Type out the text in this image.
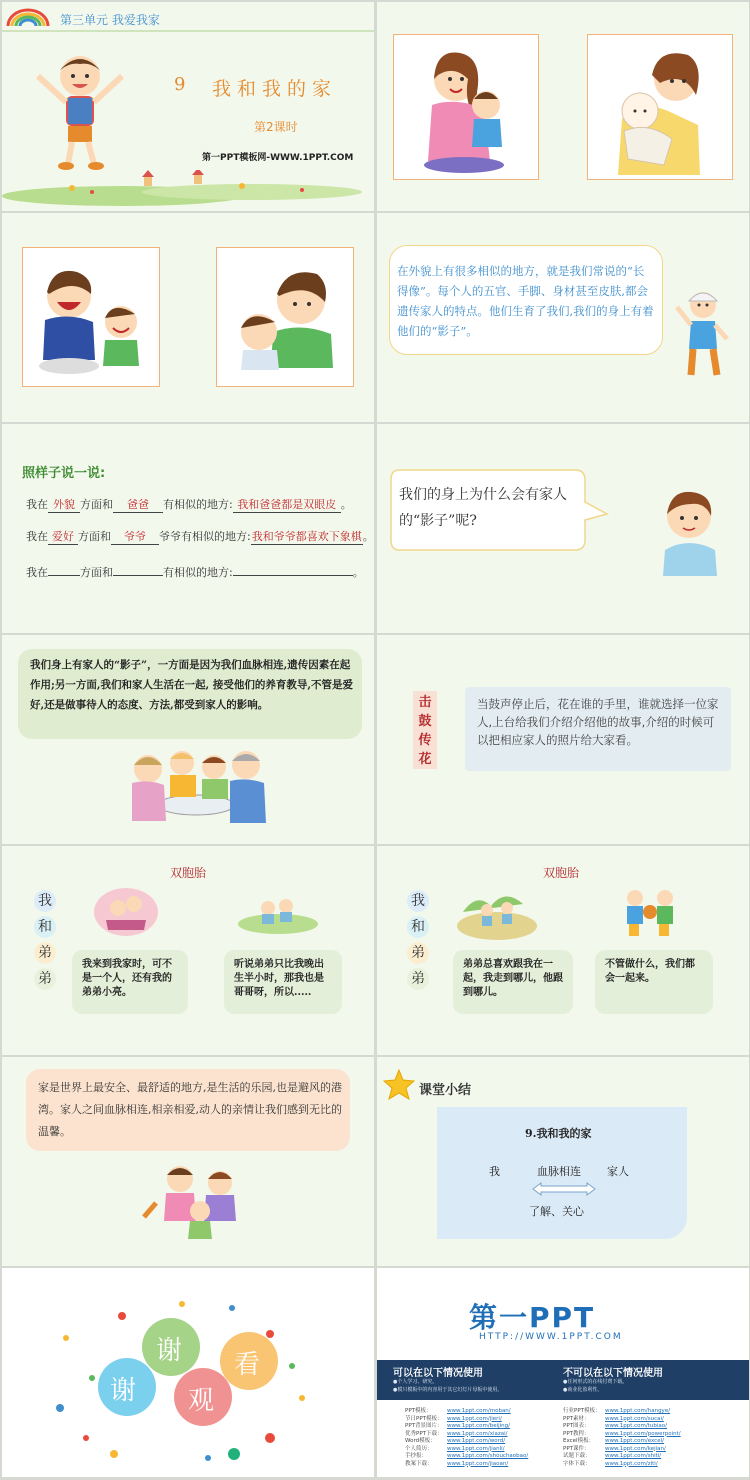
第三单元 我爱我家
9 我和我的家
第2课时
第一PPT模板网-WWW.1PPT.COM
在外貌上有很多相似的地方，就是我们常说的“长得像”。每个人的五官、手脚、身材甚至皮肤,都会遗传家人的特点。他们生育了我们,我们的身上有着他们的“影子”。
照样子说一说:
我在 外貌 方面和 爸爸 有相似的地方: 我和爸爸都是双眼皮 。
我在 爱好 方面和 爷爷 爷爷有相似的地方:我和爷爷都喜欢下象棋。
我在	方面和	有相似的地方:	。
我们的身上为什么会有家人的“影子”呢?
我们身上有家人的“影子”，一方面是因为我们血脉相连,遗传因素在起作用;另一方面,我们和家人生活在一起, 接受他们的养育教导,不管是爱好,还是做事待人的态度、方法,都受到家人的影响。	击
鼓
传
花
当鼓声停止后，花在谁的手里，谁就选择一位家人,上台给我们介绍介绍他的故事,介绍的时候可以把相应家人的照片给大家看。
双胞胎
我
和
弟
弟
我来到我家时，可不是一个人，还有我的弟弟小亮。
听说弟弟只比我晚出生半小时，那我也是哥哥呀，所以.....
双胞胎
我
和
弟
弟
弟弟总喜欢跟我在一起，我走到哪儿，他跟到哪儿。
不管做什么，我们都会一起来。
家是世界上最安全、最舒适的地方,是生活的乐园,也是避风的港湾。家人之间血脉相连,相亲相爱,动人的亲情让我们感到无比的温馨。
课堂小结
9.我和我的家
我	血脉相连 家人
了解、关心
谢
谢
观
看
第一PPT
HTTP://WWW.1PPT.COM
可以在以下情况使用
●个人学习、研究。
●模只模板中的内容用于其它幻灯片母板中使用。
不可以在以下情况使用
●任何形式的在线付费下载。
●商业化盈利性。
PPT模板：	www.1ppt.com/moban/
节日PPT模板： www.1ppt.com/jieri/
PPT背景图片： www.1ppt.com/beijing/
优秀PPT下载： www.1ppt.com/xiazai/
Word模板： www.1ppt.com/word/
个人简历：	www.1ppt.com/jianli/
手抄报：	www.1ppt.com/shouchaobao/
教案下载：	www.1ppt.com/jiaoan/
行业PPT模板： www.1ppt.com/hangye/
PPT素材：	www.1ppt.com/sucai/
PPT图表：	www.1ppt.com/tubiao/
PPT教程：	www.1ppt.com/powerpoint/
Excel模板： www.1ppt.com/excel/
PPT课件：	www.1ppt.com/kejian/
试题下载：	www.1ppt.com/shiti/
字体下载：	www.1ppt.com/ziti/
